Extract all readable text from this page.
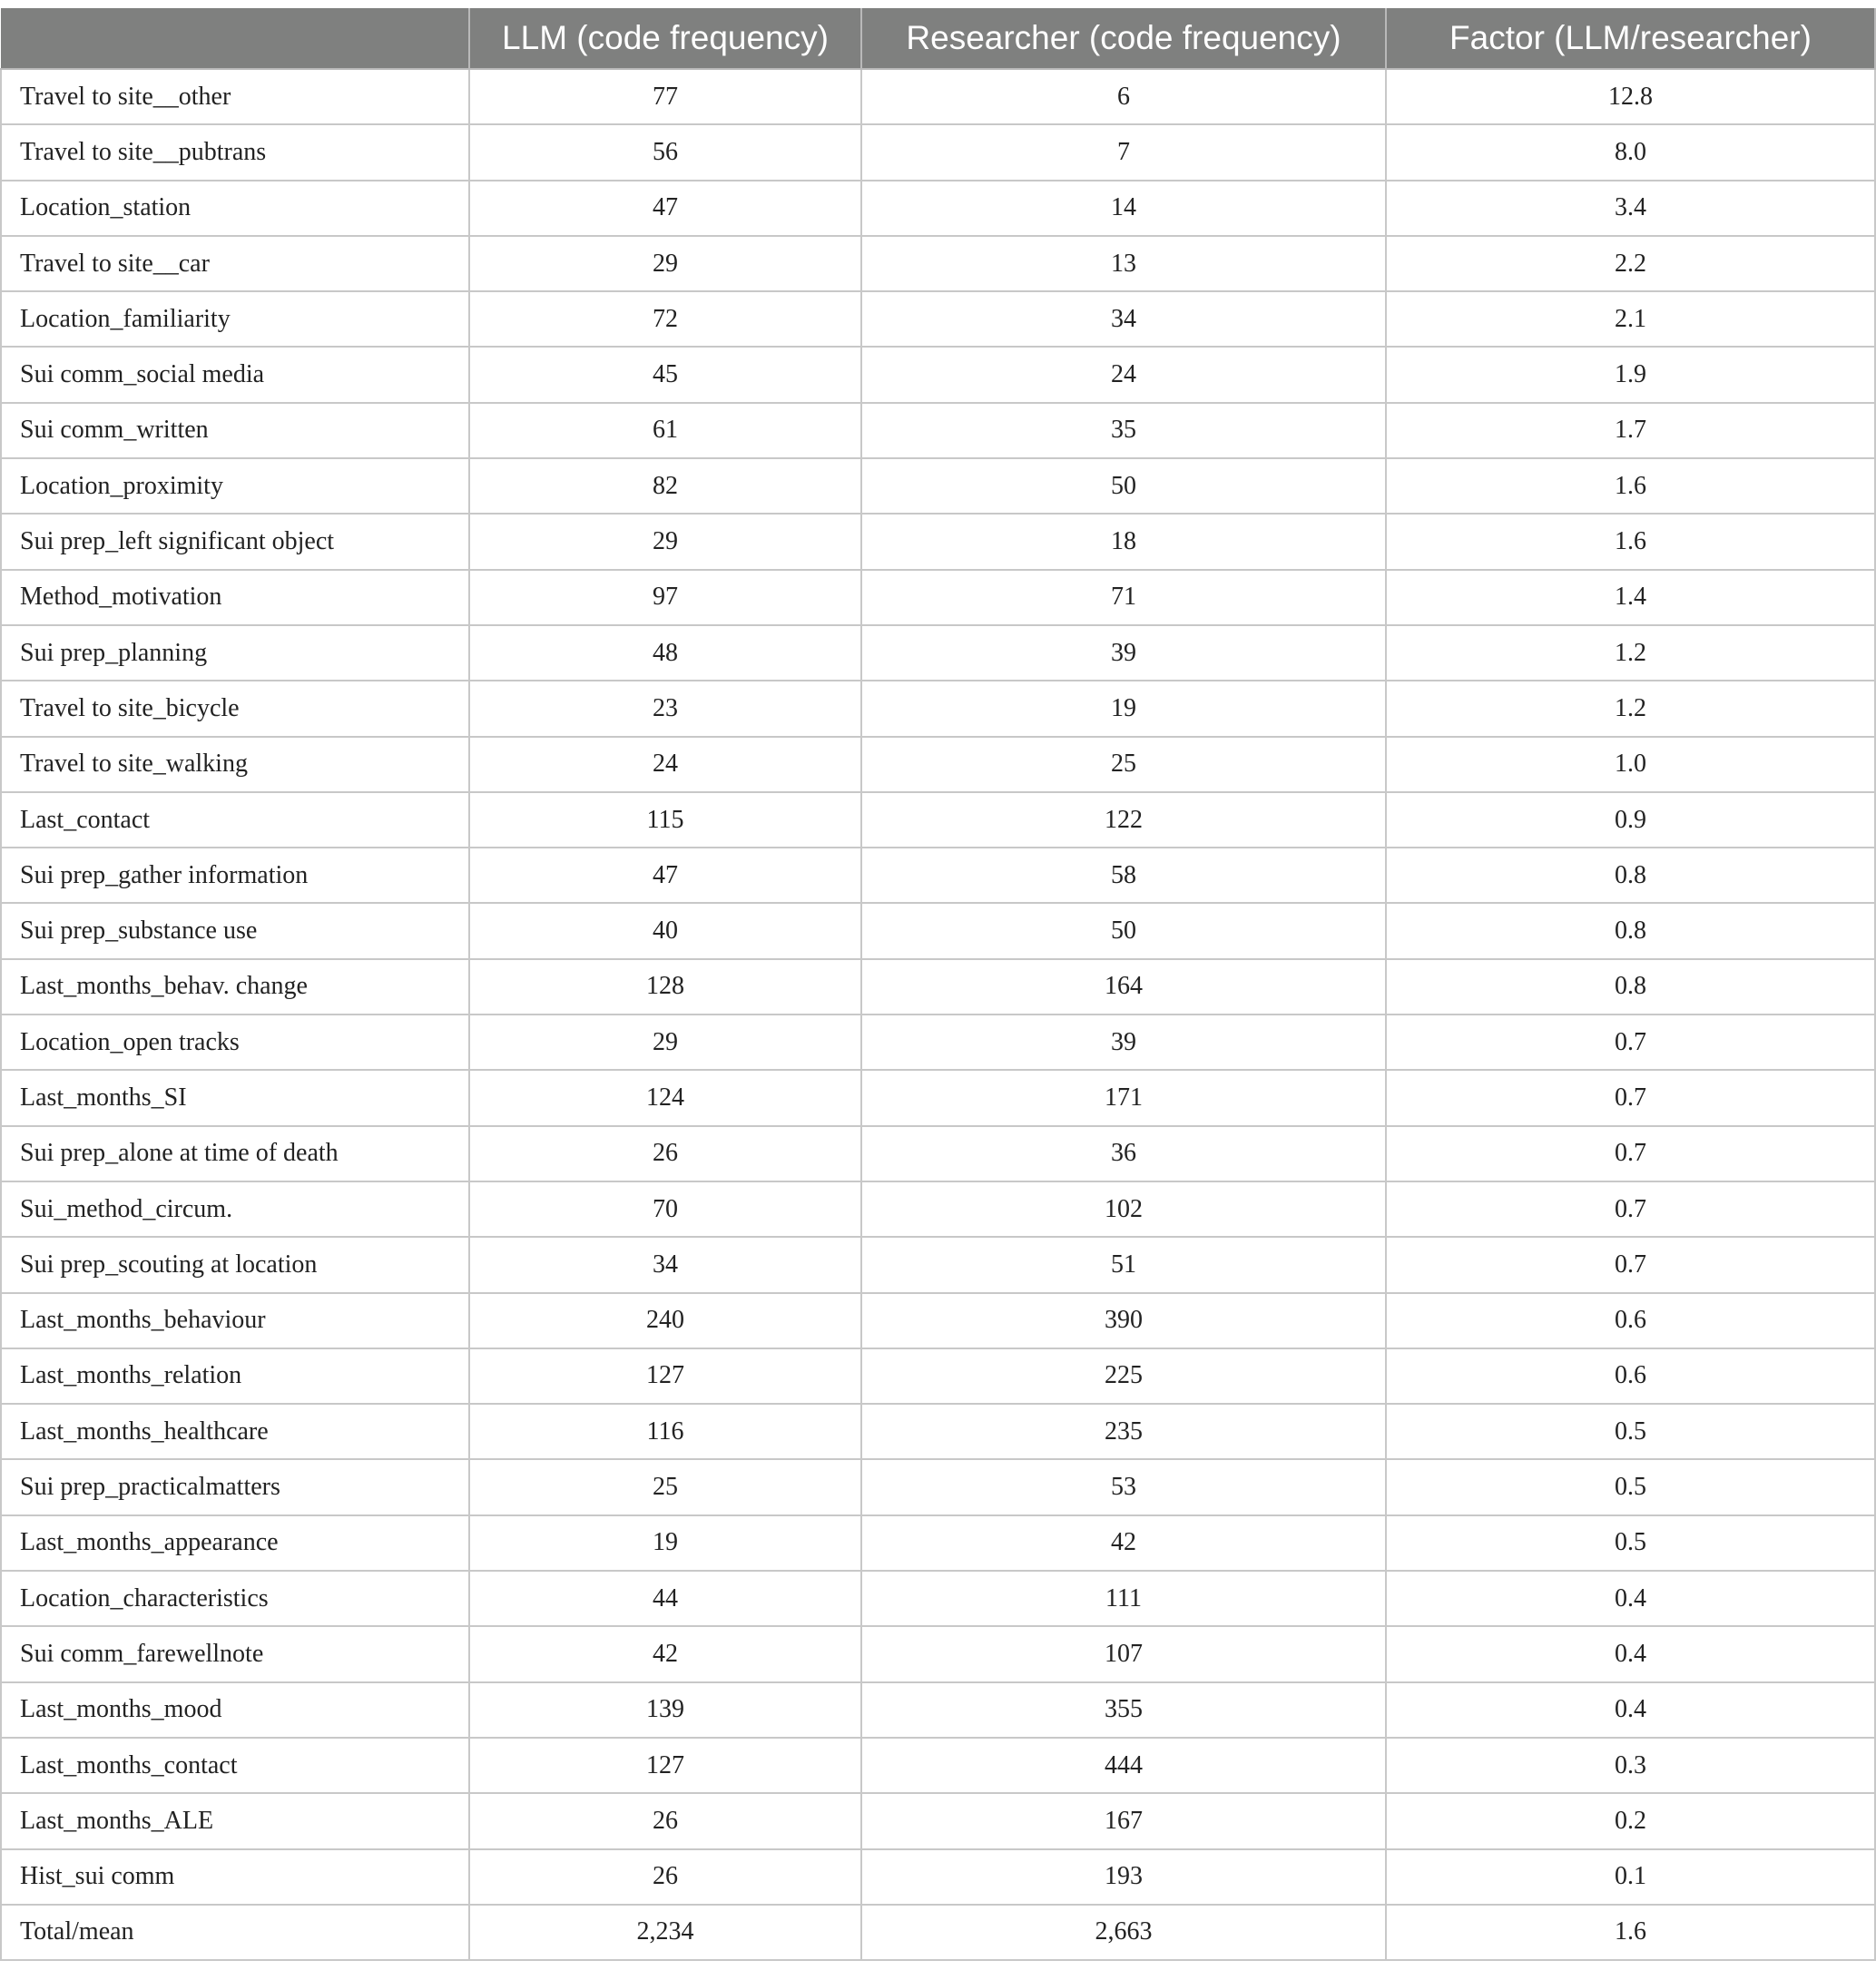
	LLM (code frequency)	Researcher (code frequency)	Factor (LLM/researcher)
Travel to site__other	77	6	12.8
Travel to site__pubtrans	56	7	8.0
Location_station	47	14	3.4
Travel to site__car	29	13	2.2
Location_familiarity	72	34	2.1
Sui comm_social media	45	24	1.9
Sui comm_written	61	35	1.7
Location_proximity	82	50	1.6
Sui prep_left significant object	29	18	1.6
Method_motivation	97	71	1.4
Sui prep_planning	48	39	1.2
Travel to site_bicycle	23	19	1.2
Travel to site_walking	24	25	1.0
Last_contact	115	122	0.9
Sui prep_gather information	47	58	0.8
Sui prep_substance use	40	50	0.8
Last_months_behav. change	128	164	0.8
Location_open tracks	29	39	0.7
Last_months_SI	124	171	0.7
Sui prep_alone at time of death	26	36	0.7
Sui_method_circum.	70	102	0.7
Sui prep_scouting at location	34	51	0.7
Last_months_behaviour	240	390	0.6
Last_months_relation	127	225	0.6
Last_months_healthcare	116	235	0.5
Sui prep_practicalmatters	25	53	0.5
Last_months_appearance	19	42	0.5
Location_characteristics	44	111	0.4
Sui comm_farewellnote	42	107	0.4
Last_months_mood	139	355	0.4
Last_months_contact	127	444	0.3
Last_months_ALE	26	167	0.2
Hist_sui comm	26	193	0.1
Total/mean	2,234	2,663	1.6
